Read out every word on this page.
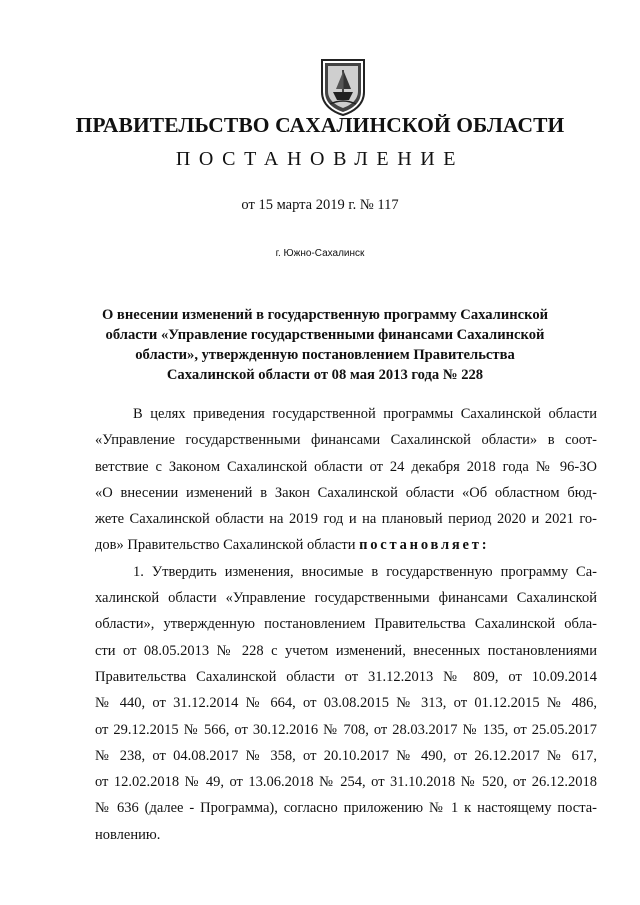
ПРАВИТЕЛЬСТВО САХАЛИНСКОЙ ОБЛАСТИ
ПОСТАНОВЛЕНИЕ
от 15 марта 2019 г. № 117
г. Южно-Сахалинск
О внесении изменений в государственную программу Сахалинской
области «Управление государственными финансами Сахалинской
области», утвержденную постановлением Правительства
Сахалинской области от 08 мая 2013 года № 228
В целях приведения государственной программы Сахалинской области
«Управление государственными финансами Сахалинской области» в соот-
ветствие с Законом Сахалинской области от 24 декабря 2018 года № 96-ЗО
«О внесении изменений в Закон Сахалинской области «Об областном бюд-
жете Сахалинской области на 2019 год и на плановый период 2020 и 2021 го-
дов» Правительство Сахалинской области постановляет:
1. Утвердить изменения, вносимые в государственную программу Са-
халинской области «Управление государственными финансами Сахалинской
области», утвержденную постановлением Правительства Сахалинской обла-
сти от 08.05.2013 № 228 с учетом изменений, внесенных постановлениями
Правительства Сахалинской области от 31.12.2013 № 809, от 10.09.2014
№ 440, от 31.12.2014 № 664, от 03.08.2015 № 313, от 01.12.2015 № 486,
от 29.12.2015 № 566, от 30.12.2016 № 708, от 28.03.2017 № 135, от 25.05.2017
№ 238, от 04.08.2017 № 358, от 20.10.2017 № 490, от 26.12.2017 № 617,
от 12.02.2018 № 49, от 13.06.2018 № 254, от 31.10.2018 № 520, от 26.12.2018
№ 636 (далее - Программа), согласно приложению № 1 к настоящему поста-
новлению.
